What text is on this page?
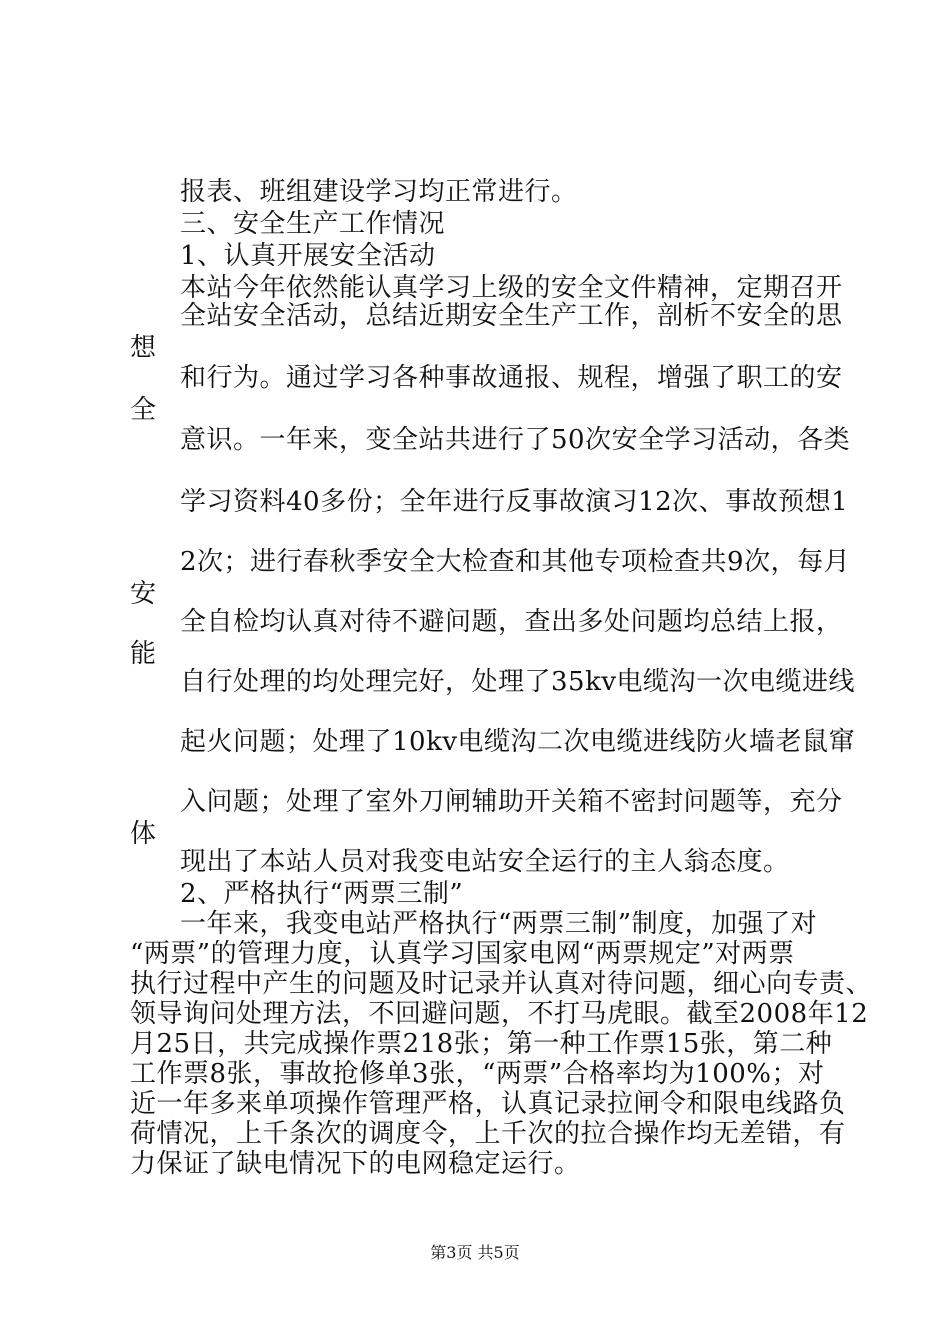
报表、班组建设学习均正常进行。
三、安全生产工作情况
1、认真开展安全活动
本站今年依然能认真学习上级的安全文件精神，定期召开
全站安全活动，总结近期安全生产工作，剖析不安全的思
想
和行为。通过学习各种事故通报、规程，增强了职工的安
全
意识。一年来，变全站共进行了50次安全学习活动，各类
学习资料40多份；全年进行反事故演习12次、事故预想1
2次；进行春秋季安全大检查和其他专项检查共9次，每月
安
全自检均认真对待不避问题，查出多处问题均总结上报，
能
自行处理的均处理完好，处理了35kv电缆沟一次电缆进线
起火问题；处理了10kv电缆沟二次电缆进线防火墙老鼠窜
入问题；处理了室外刀闸辅助开关箱不密封问题等，充分
体
现出了本站人员对我变电站安全运行的主人翁态度。
2、严格执行“两票三制”
一年来，我变电站严格执行“两票三制”制度，加强了对
“两票”的管理力度，认真学习国家电网“两票规定”对两票
执行过程中产生的问题及时记录并认真对待问题，细心向专责、
领导询问处理方法，不回避问题，不打马虎眼。截至2008年12
月25日，共完成操作票218张；第一种工作票15张，第二种
工作票8张，事故抢修单3张，“两票”合格率均为100%；对
近一年多来单项操作管理严格，认真记录拉闸令和限电线路负
荷情况，上千条次的调度令，上千次的拉合操作均无差错，有
力保证了缺电情况下的电网稳定运行。
第3页 共5页
